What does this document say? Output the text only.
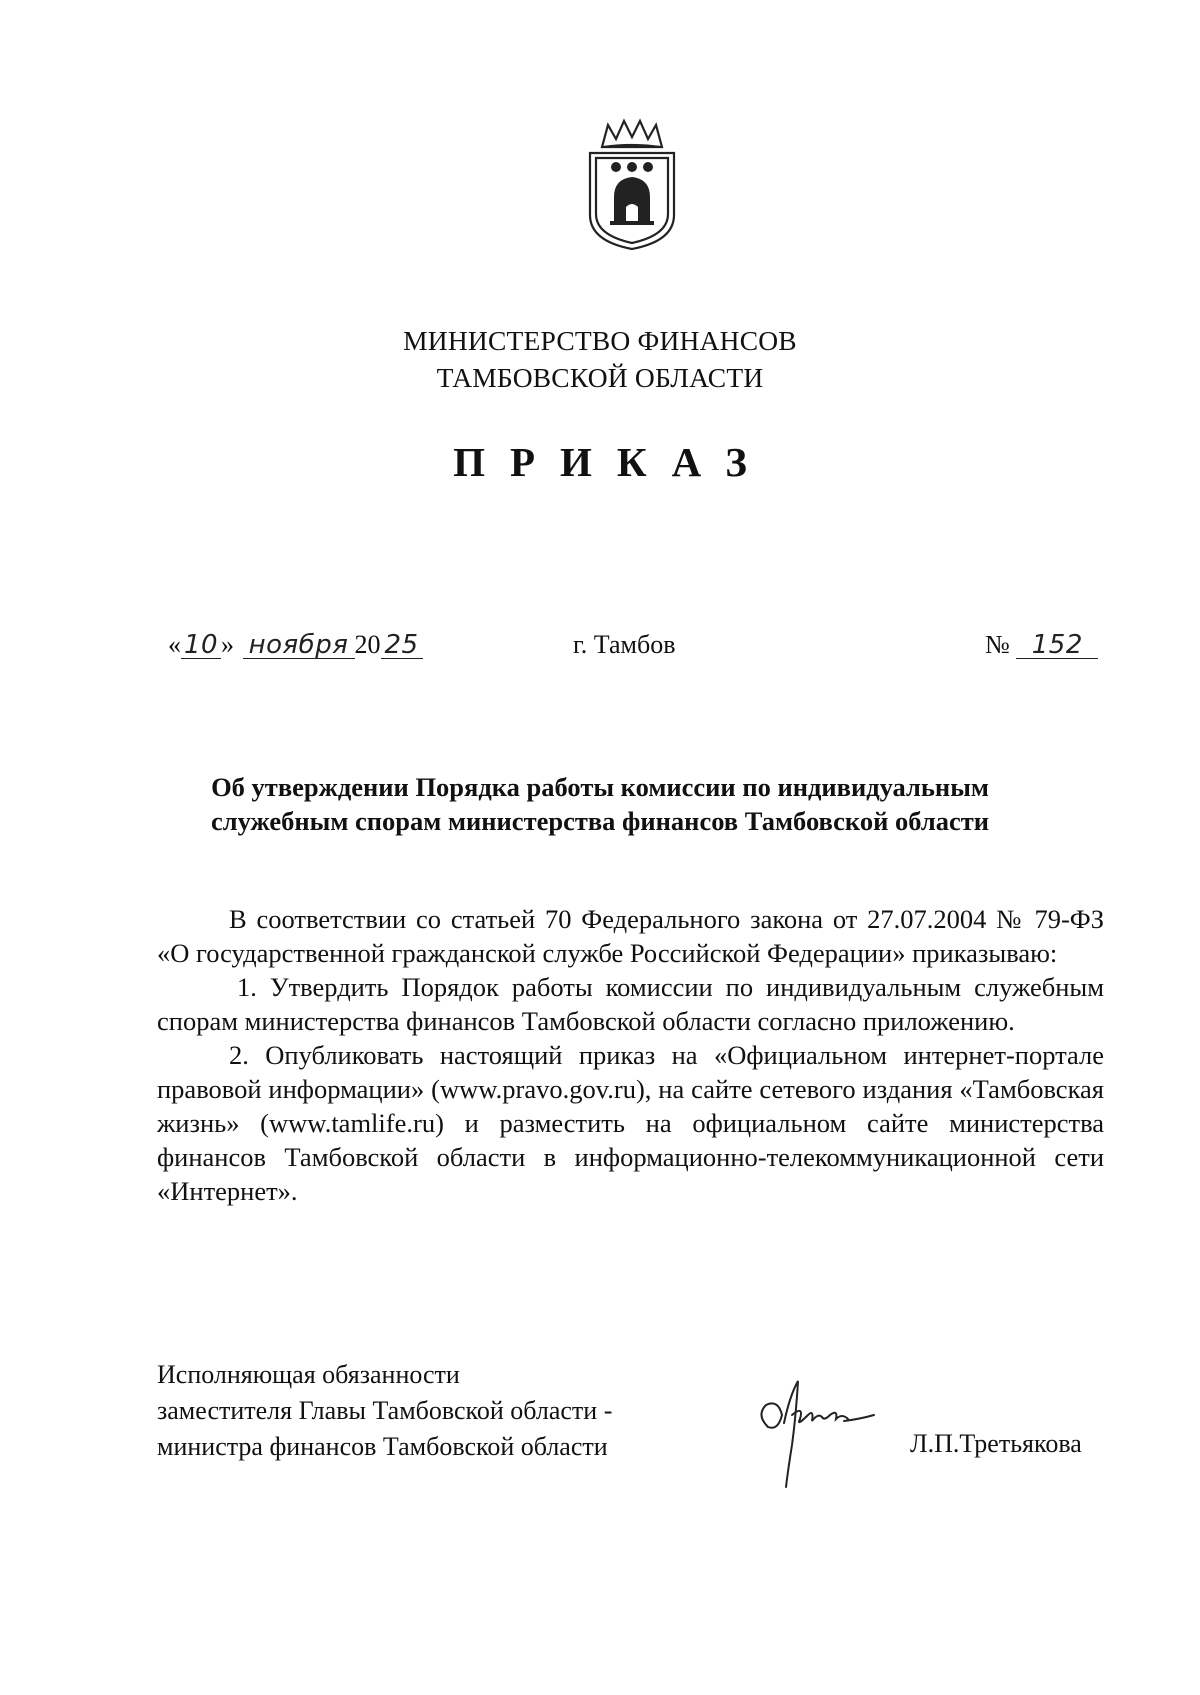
МИНИСТЕРСТВО ФИНАНСОВ
ТАМБОВСКОЙ ОБЛАСТИ
ПРИКАЗ
« 10 » ноября 20 25	г. Тамбов	№ 152
Об утверждении Порядка работы комиссии по индивидуальным
служебным спорам министерства финансов Тамбовской области

В соответствии со статьей 70 Федерального закона от 27.07.2004 № 79-ФЗ «О государственной гражданской службе Российской Федерации» приказываю:

1. Утвердить Порядок работы комиссии по индивидуальным служебным спорам министерства финансов Тамбовской области согласно приложению.

2. Опубликовать настоящий приказ на «Официальном интернет-портале правовой информации» (www.pravo.gov.ru), на сайте сетевого издания «Тамбовская жизнь» (www.tamlife.ru) и разместить на официальном сайте министерства финансов Тамбовской области в информационно-телекоммуникационной сети «Интернет».

Исполняющая обязанности
заместителя Главы Тамбовской области -
министра финансов Тамбовской области	Л.П.Третьякова
